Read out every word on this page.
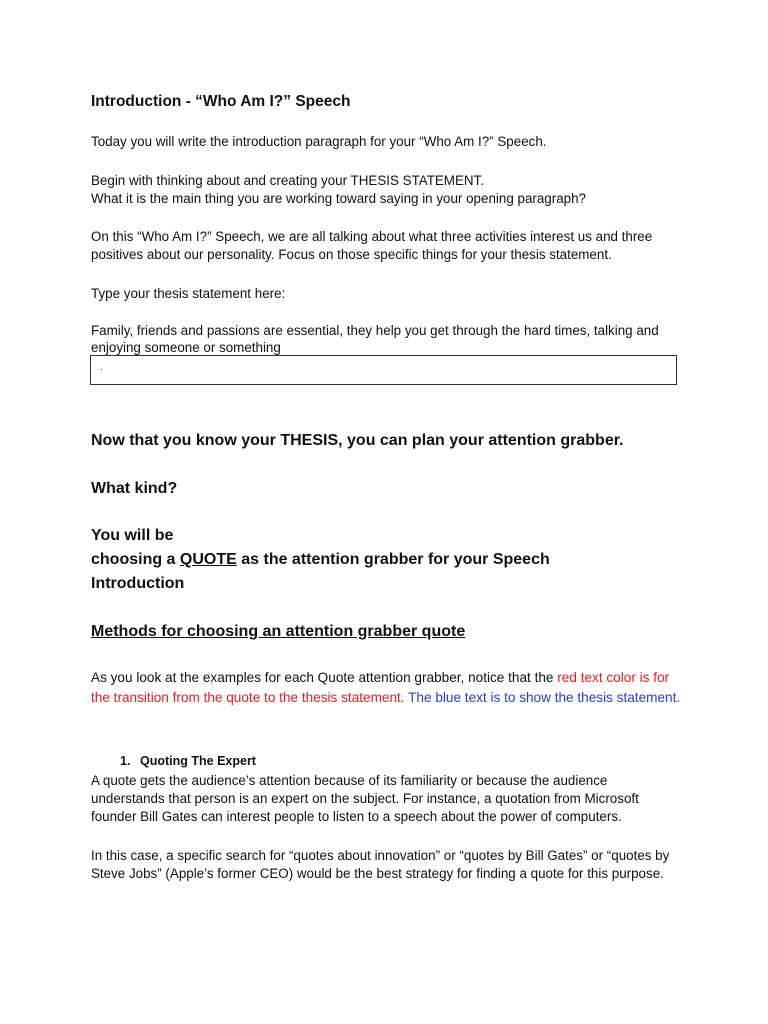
Introduction - “Who Am I?” Speech

Today you will write the introduction paragraph for your “Who Am I?” Speech.

Begin with thinking about and creating your THESIS STATEMENT.

What it is the main thing you are working toward saying in your opening paragraph?

On this “Who Am I?” Speech, we are all talking about what three activities interest us and three positives about our personality. Focus on those specific things for your thesis statement.

Type your thesis statement here:

Family, friends and passions are essential, they help you get through the hard times, talking and enjoying someone or something

.
Now that you know your THESIS, you can plan your attention grabber.
What kind?
You will be
choosing a QUOTE as the attention grabber for your Speech
Introduction
Methods for choosing an attention grabber quote

As you look at the examples for each Quote attention grabber, notice that the red text color is for the transition from the quote to the thesis statement. The blue text is to show the thesis statement.

1. Quoting The Expert

A quote gets the audience’s attention because of its familiarity or because the audience understands that person is an expert on the subject. For instance, a quotation from Microsoft founder Bill Gates can interest people to listen to a speech about the power of computers.

In this case, a specific search for “quotes about innovation” or “quotes by Bill Gates” or “quotes by Steve Jobs” (Apple’s former CEO) would be the best strategy for finding a quote for this purpose.
